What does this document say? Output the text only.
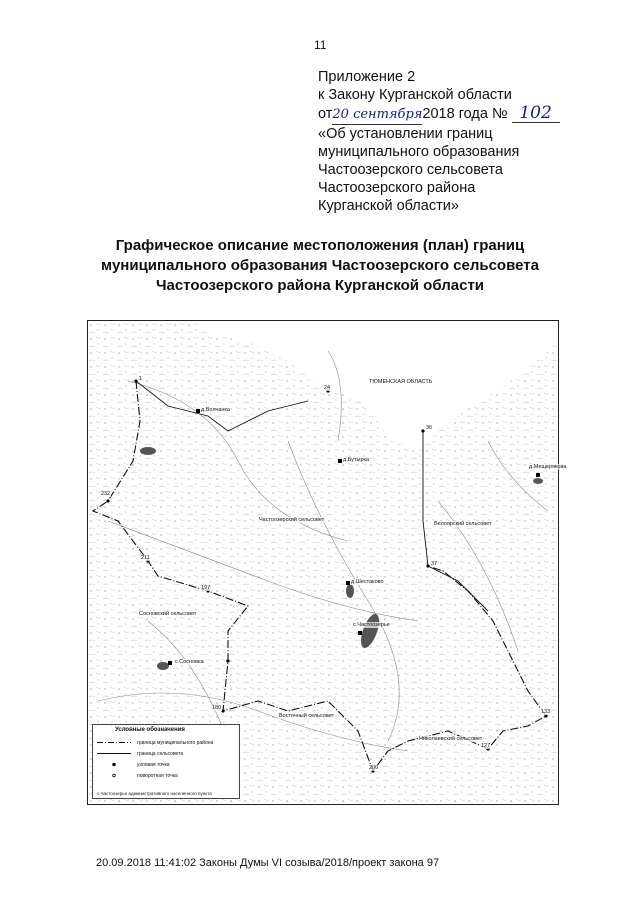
11
Приложение 2
к Закону Курганской области
от20 сентября2018 года № 102
«Об установлении границ
муниципального образования
Частоозерского сельсовета
Частоозерского района
Курганской области»
Графическое описание местоположения (план) границ
муниципального образования Частоозерского сельсовета
Частоозерского района Курганской области
ТЮМЕНСКАЯ ОБЛАСТЬ
Частоозерский сельсовет
Белоярский сельсовет
Сосновский сельсовет
Восточный сельсовет
Николаевский сельсовет
с.Частоозерье
д.Волчанка
д.Бутырка
д.Мещерякова
д.Шестаково
с.Сосновка
1
24
36
37
232
211
197
180
200
127
133
Условные обозначения
граница муниципального района
граница сельсовета
узловая точка
поворотная точка
с.Частоозерье административного населенного пункта
20.09.2018 11:41:02 Законы Думы VI созыва/2018/проект закона 97
